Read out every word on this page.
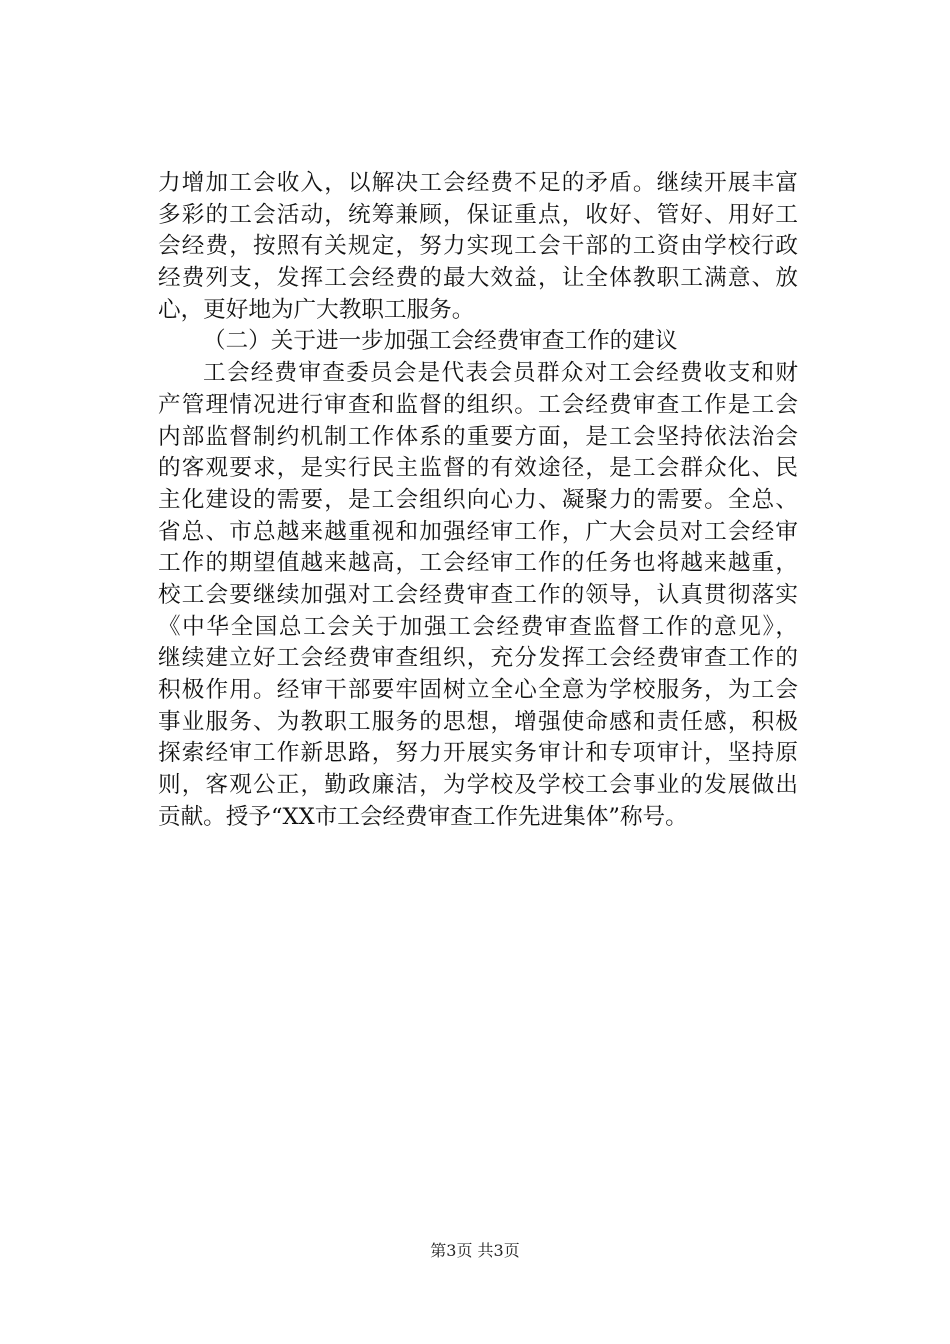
力增加工会收入，以解决工会经费不足的矛盾。继续开展丰富
多彩的工会活动，统筹兼顾，保证重点，收好、管好、用好工
会经费，按照有关规定，努力实现工会干部的工资由学校行政
经费列支，发挥工会经费的最大效益，让全体教职工满意、放
心，更好地为广大教职工服务。
（二）关于进一步加强工会经费审查工作的建议
工会经费审查委员会是代表会员群众对工会经费收支和财
产管理情况进行审查和监督的组织。工会经费审查工作是工会
内部监督制约机制工作体系的重要方面，是工会坚持依法治会
的客观要求，是实行民主监督的有效途径，是工会群众化、民
主化建设的需要，是工会组织向心力、凝聚力的需要。全总、
省总、市总越来越重视和加强经审工作，广大会员对工会经审
工作的期望值越来越高，工会经审工作的任务也将越来越重，
校工会要继续加强对工会经费审查工作的领导，认真贯彻落实
《中华全国总工会关于加强工会经费审查监督工作的意见》，
继续建立好工会经费审查组织，充分发挥工会经费审查工作的
积极作用。经审干部要牢固树立全心全意为学校服务，为工会
事业服务、为教职工服务的思想，增强使命感和责任感，积极
探索经审工作新思路，努力开展实务审计和专项审计，坚持原
则，客观公正，勤政廉洁，为学校及学校工会事业的发展做出
贡献。授予“XX市工会经费审查工作先进集体”称号。
第3页 共3页
